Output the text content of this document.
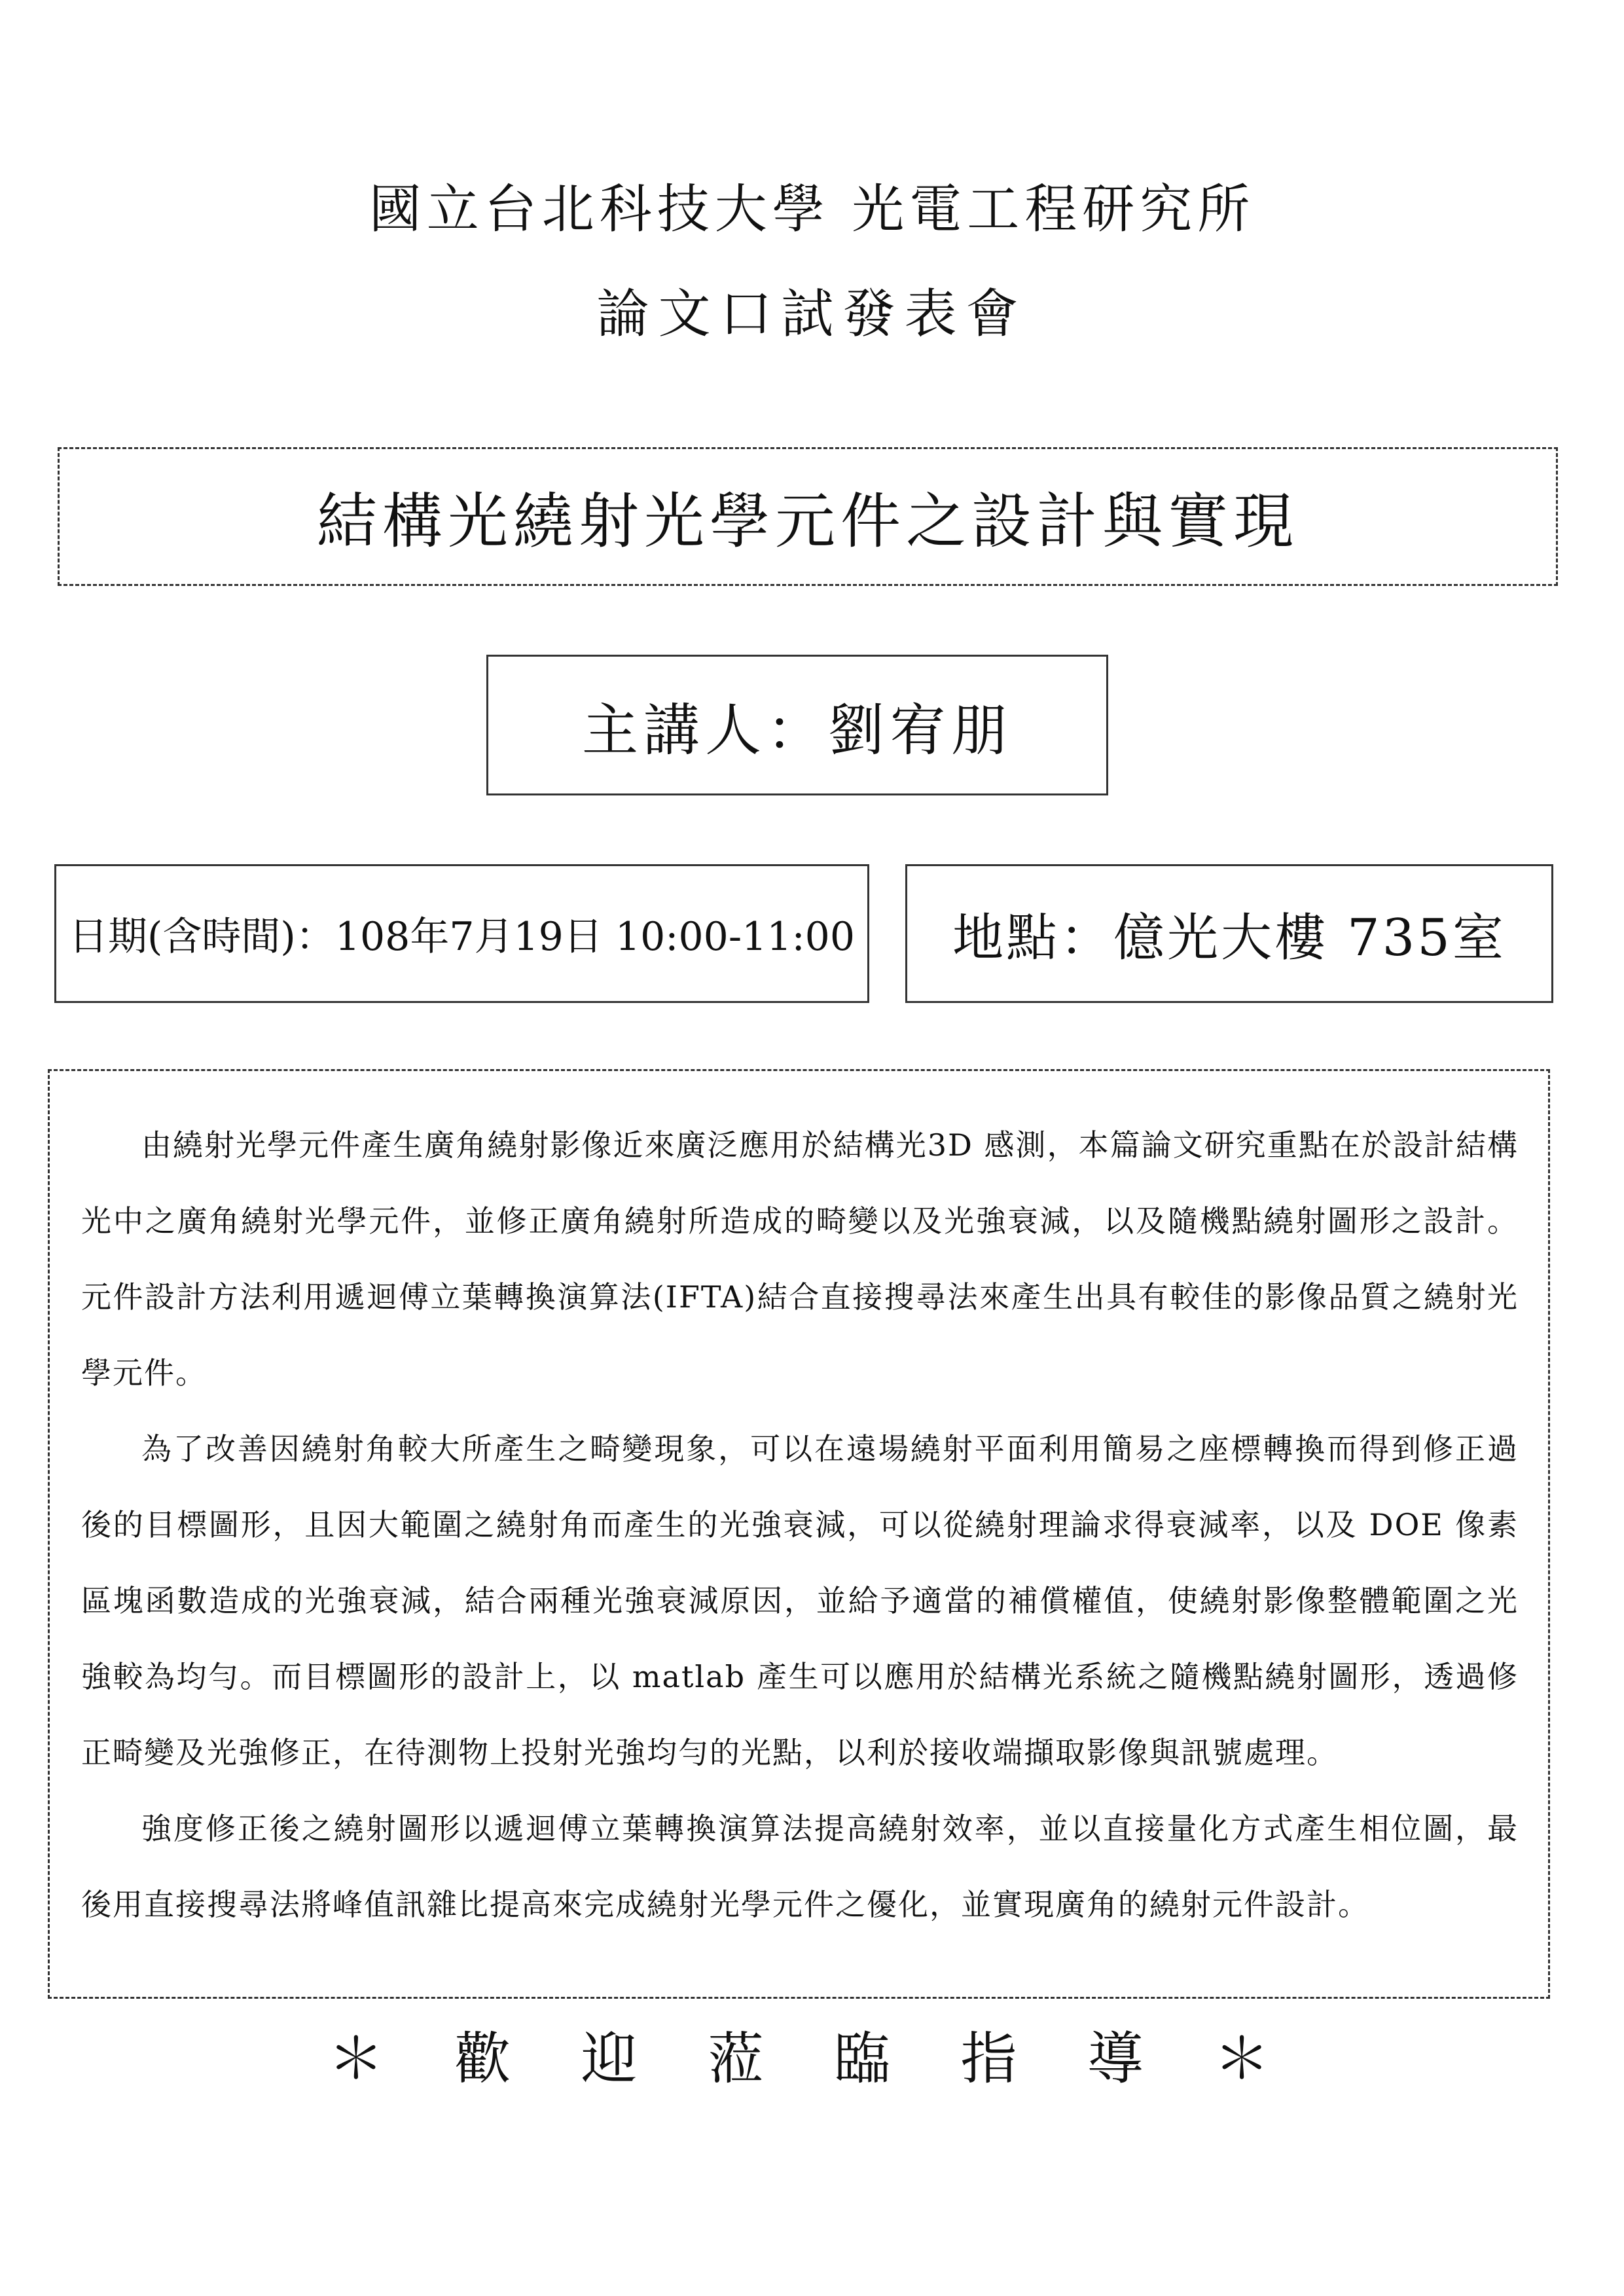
國立台北科技大學 光電工程研究所
論文口試發表會
結構光繞射光學元件之設計與實現
主講人：劉宥朋
日期(含時間)：108年7月19日 10:00-11:00 地點：億光大樓 735室

由繞射光學元件產生廣角繞射影像近來廣泛應用於結構光3D 感測，本篇論文研究重點在於設計結構光中之廣角繞射光學元件，並修正廣角繞射所造成的畸變以及光強衰減，以及隨機點繞射圖形之設計。元件設計方法利用遞迴傅立葉轉換演算法(IFTA)結合直接搜尋法來產生出具有較佳的影像品質之繞射光學元件。

為了改善因繞射角較大所產生之畸變現象，可以在遠場繞射平面利用簡易之座標轉換而得到修正過後的目標圖形，且因大範圍之繞射角而產生的光強衰減，可以從繞射理論求得衰減率，以及 DOE 像素區塊函數造成的光強衰減，結合兩種光強衰減原因，並給予適當的補償權值，使繞射影像整體範圍之光強較為均勻。而目標圖形的設計上，以 matlab 產生可以應用於結構光系統之隨機點繞射圖形，透過修正畸變及光強修正，在待測物上投射光強均勻的光點，以利於接收端擷取影像與訊號處理。

強度修正後之繞射圖形以遞迴傅立葉轉換演算法提高繞射效率，並以直接量化方式產生相位圖，最後用直接搜尋法將峰值訊雜比提高來完成繞射光學元件之優化，並實現廣角的繞射元件設計。

＊ 歡 迎 蒞 臨 指 導 ＊
